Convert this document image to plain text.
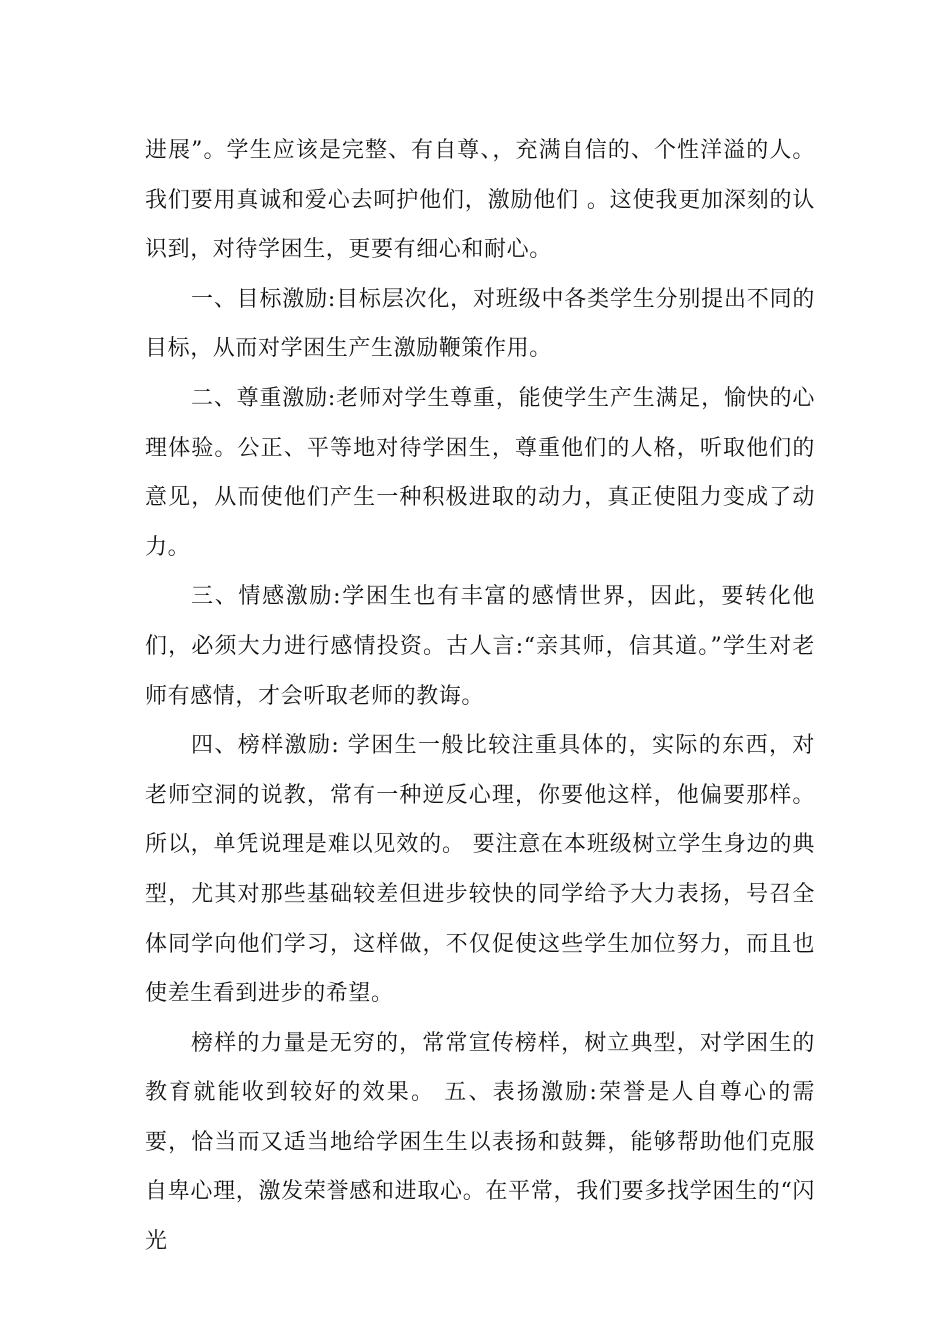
进展”。学生应该是完整、有自尊、，充满自信的、个性洋溢的人。我们要用真诚和爱心去呵护他们，激励他们 。这使我更加深刻的认识到，对待学困生，更要有细心和耐心。

一、目标激励:目标层次化，对班级中各类学生分别提出不同的目标，从而对学困生产生激励鞭策作用。

二、尊重激励:老师对学生尊重，能使学生产生满足，愉快的心理体验。公正、平等地对待学困生，尊重他们的人格，听取他们的意见，从而使他们产生一种积极进取的动力，真正使阻力变成了动力。

三、情感激励:学困生也有丰富的感情世界，因此，要转化他们，必须大力进行感情投资。古人言:“亲其师，信其道。”学生对老师有感情，才会听取老师的教诲。

四、榜样激励: 学困生一般比较注重具体的，实际的东西，对老师空洞的说教，常有一种逆反心理，你要他这样，他偏要那样。所以，单凭说理是难以见效的。 要注意在本班级树立学生身边的典型，尤其对那些基础较差但进步较快的同学给予大力表扬，号召全体同学向他们学习，这样做，不仅促使这些学生加位努力，而且也使差生看到进步的希望。

榜样的力量是无穷的，常常宣传榜样，树立典型，对学困生的教育就能收到较好的效果。 五、表扬激励:荣誉是人自尊心的需要，恰当而又适当地给学困生生以表扬和鼓舞，能够帮助他们克服自卑心理，激发荣誉感和进取心。在平常，我们要多找学困生的“闪光
